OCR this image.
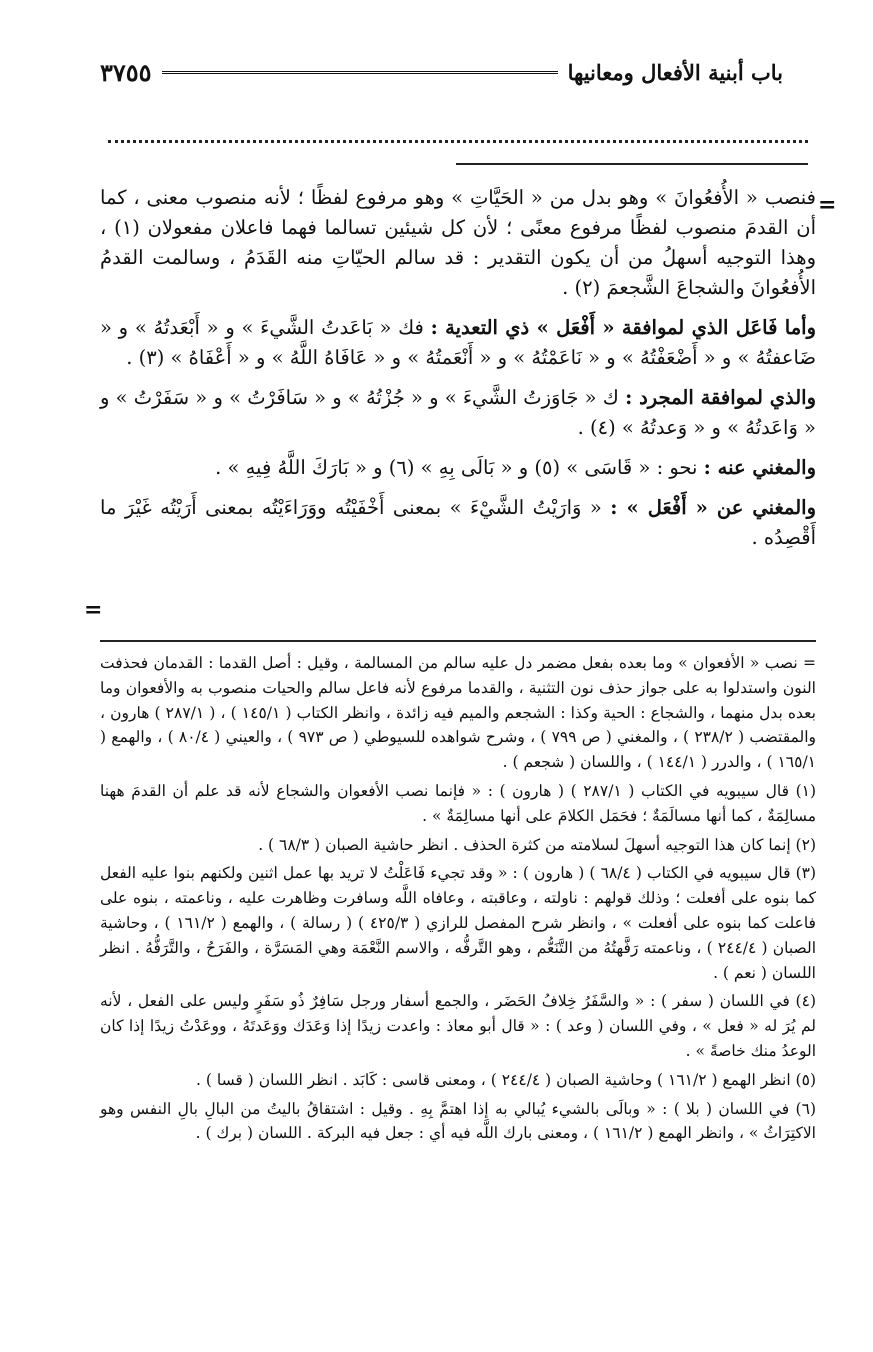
باب أبنية الأفعال ومعانيها
٣٧٥٥
=

فنصب « الأُفعُوانَ » وهو بدل من « الحَيَّاتِ » وهو مرفوع لفظًا ؛ لأنه منصوب معنى ، كما أن القدمَ منصوب لفظًا مرفوع معنًى ؛ لأن كل شيئين تسالما فهما فاعلان مفعولان (١) ، وهذا التوجيه أسهلُ من أن يكون التقدير : قد سالم الحيّاتِ منه القَدَمُ ، وسالمت القدمُ الأُفعُوانَ والشجاعَ الشَّجعمَ (٢) .

وأما فَاعَل الذي لموافقة « أَفْعَل » ذي التعدية : فك « بَاعَدتُ الشَّيءَ » و « أَبْعَدتُهُ » و « ضَاعفتُهُ » و « أَضْعَفْتُهُ » و « نَاعَمْتُهُ » و « أَنْعَمتُهُ » و « عَافَاهُ اللَّهُ » و « أَعْفَاهُ » (٣) .

والذي لموافقة المجرد : ك « جَاوَزتُ الشَّيءَ » و « جُزْتُهُ » و « سَافَرْتُ » و « سَفَرْتُ » و « وَاعَدتُهُ » و « وَعدتُهُ » (٤) .

والمغني عنه : نحو : « قَاسَى » (٥) و « بَالَى بِهِ » (٦) و « بَارَكَ اللَّهُ فِيهِ » .

والمغني عن « أَفْعَل » : « وَارَيْتُ الشَّيْءَ » بمعنى أَخْفَيْتُه ووَرَاءَيْتُه بمعنى أَرَيْتُه غَيْرَ ما أَقْصِدُه .

=

= نصب « الأفعوان » وما بعده بفعل مضمر دل عليه سالم من المسالمة ، وقيل : أصل القدما : القدمان فحذفت النون واستدلوا به على جواز حذف نون التثنية ، والقدما مرفوع لأنه فاعل سالم والحيات منصوب به والأفعوان وما بعده بدل منهما ، والشجاع : الحية وكذا : الشجعم والميم فيه زائدة ، وانظر الكتاب ( ١٤٥/١ ) ، ( ٢٨٧/١ ) هارون ، والمقتضب ( ٢٣٨/٢ ) ، والمغني ( ص ٧٩٩ ) ، وشرح شواهده للسيوطي ( ص ٩٧٣ ) ، والعيني ( ٨٠/٤ ) ، والهمع ( ١٦٥/١ ) ، والدرر ( ١٤٤/١ ) ، واللسان ( شجعم ) .

(١) قال سيبويه في الكتاب ( ٢٨٧/١ ) ( هارون ) : « فإنما نصب الأفعوان والشجاع لأنه قد علم أن القدمَ ههنا مسالِمَةٌ ، كما أنها مسالَمَةٌ ؛ فحَمَل الكلامَ على أنها مسالِمَةٌ » .

(٢) إنما كان هذا التوجيه أسهلَ لسلامته من كثرة الحذف . انظر حاشية الصبان ( ٦٨/٣ ) .

(٣) قال سيبويه في الكتاب ( ٦٨/٤ ) ( هارون ) : « وقد تجيء فَاعَلْتُ لا تريد بها عمل اثنين ولكنهم بنوا عليه الفعل كما بنوه على أفعلت ؛ وذلك قولهم : ناولته ، وعاقبته ، وعافاه اللَّه وسافرت وظاهرت عليه ، وناعمته ، بنوه على فاعلت كما بنوه على أفعلت » ، وانظر شرح المفصل للرازي ( ٤٢٥/٣ ) ( رسالة ) ، والهمع ( ١٦١/٢ ) ، وحاشية الصبان ( ٢٤٤/٤ ) ، وناعمته رَفَّهتُهُ من التَّنَعُّم ، وهو التَّرفُّه ، والاسم النَّعْمَة وهي المَسَرَّة ، والفَرَحُ ، والتَّرَفُّهُ . انظر اللسان ( نعم ) .

(٤) في اللسان ( سفر ) : « والسَّفَرُ خِلافُ الحَضَر ، والجمع أسفار ورجل سَافِرٌ ذُو سَفَرٍ وليس على الفعل ، لأنه لم يُرَ له « فعل » ، وفي اللسان ( وعد ) : « قال أبو معاذ : واعدت زيدًا إذا وَعَدَك ووَعَدتَهُ ، ووعَدْتُ زيدًا إذا كان الوعدُ منك خاصةً » .

(٥) انظر الهمع ( ١٦١/٢ ) وحاشية الصبان ( ٢٤٤/٤ ) ، ومعنى قاسى : كَابَد . انظر اللسان ( قسا ) .

(٦) في اللسان ( بلا ) : « وبالَى بالشيء يُبالي به إذا اهتمَّ بِهِ . وقيل : اشتقاقُ باليتُ من البالِ بالِ النفس وهو الاكتِرَاثُ » ، وانظر الهمع ( ١٦١/٢ ) ، ومعنى بارك اللَّه فيه أي : جعل فيه البركة . اللسان ( برك ) .
